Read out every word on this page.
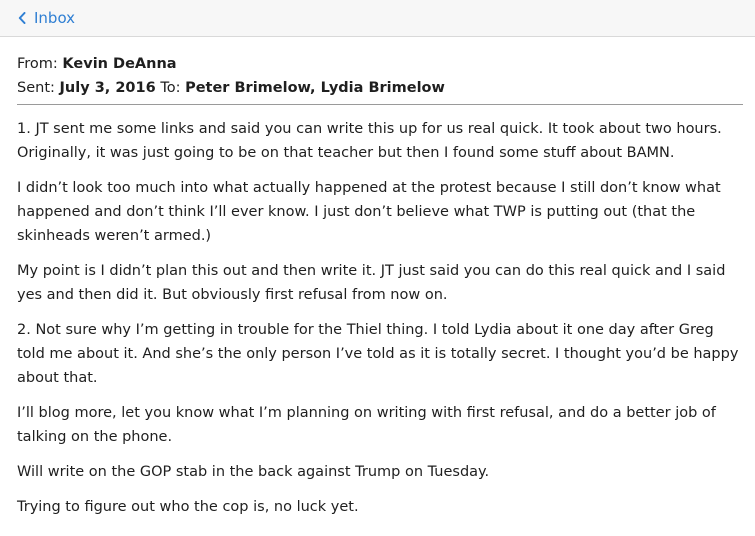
Inbox
From: Kevin DeAnna
Sent: July 3, 2016 To: Peter Brimelow, Lydia Brimelow

1. JT sent me some links and said you can write this up for us real quick. It took about two hours. Originally, it was just going to be on that teacher but then I found some stuff about BAMN.

I didn’t look too much into what actually happened at the protest because I still don’t know what happened and don’t think I’ll ever know. I just don’t believe what TWP is putting out (that the skinheads weren’t armed.)

My point is I didn’t plan this out and then write it. JT just said you can do this real quick and I said yes and then did it. But obviously first refusal from now on.

2. Not sure why I’m getting in trouble for the Thiel thing. I told Lydia about it one day after Greg told me about it. And she’s the only person I’ve told as it is totally secret. I thought you’d be happy about that.

I’ll blog more, let you know what I’m planning on writing with first refusal, and do a better job of talking on the phone.

Will write on the GOP stab in the back against Trump on Tuesday.

Trying to figure out who the cop is, no luck yet.
